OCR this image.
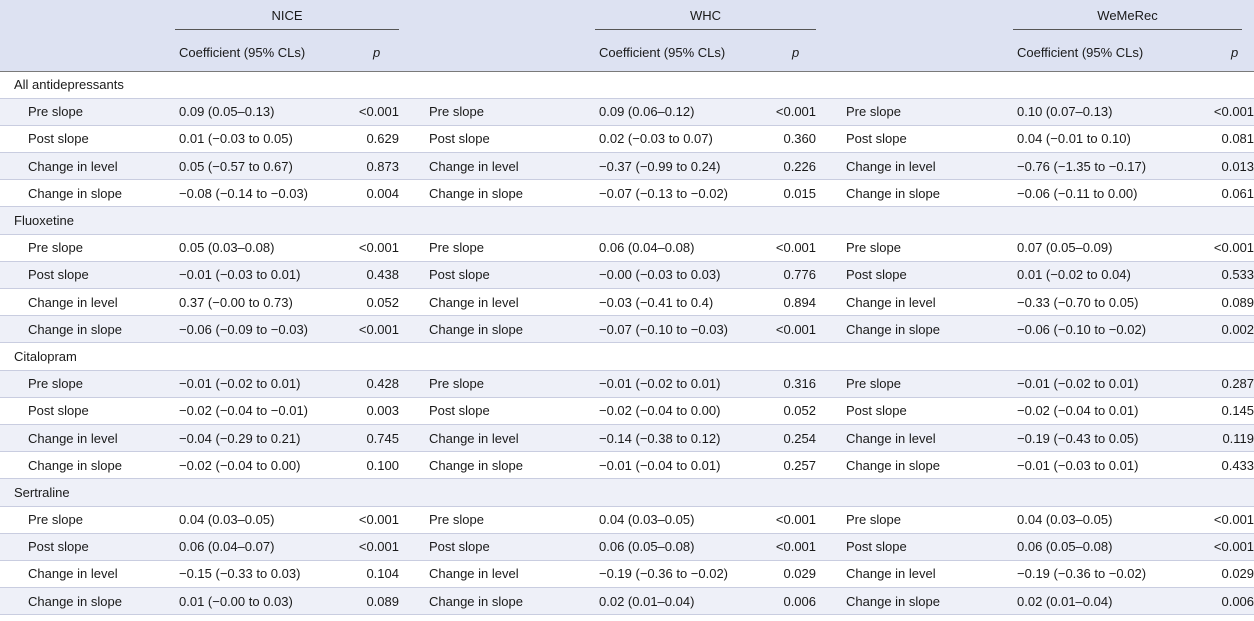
	NICE			WHC			WeMeRec	

	Coefficient (95% CLs)	p		Coefficient (95% CLs)	p		Coefficient (95% CLs)	p
All antidepressants								
Pre slope	0.09 (0.05–0.13)	<0.001	Pre slope	0.09 (0.06–0.12)	<0.001	Pre slope	0.10 (0.07–0.13)	<0.001
Post slope	0.01 (−0.03 to 0.05)	0.629	Post slope	0.02 (−0.03 to 0.07)	0.360	Post slope	0.04 (−0.01 to 0.10)	0.081
Change in level	0.05 (−0.57 to 0.67)	0.873	Change in level	−0.37 (−0.99 to 0.24)	0.226	Change in level	−0.76 (−1.35 to −0.17)	0.013
Change in slope	−0.08 (−0.14 to −0.03)	0.004	Change in slope	−0.07 (−0.13 to −0.02)	0.015	Change in slope	−0.06 (−0.11 to 0.00)	0.061
Fluoxetine								
Pre slope	0.05 (0.03–0.08)	<0.001	Pre slope	0.06 (0.04–0.08)	<0.001	Pre slope	0.07 (0.05–0.09)	<0.001
Post slope	−0.01 (−0.03 to 0.01)	0.438	Post slope	−0.00 (−0.03 to 0.03)	0.776	Post slope	0.01 (−0.02 to 0.04)	0.533
Change in level	0.37 (−0.00 to 0.73)	0.052	Change in level	−0.03 (−0.41 to 0.4)	0.894	Change in level	−0.33 (−0.70 to 0.05)	0.089
Change in slope	−0.06 (−0.09 to −0.03)	<0.001	Change in slope	−0.07 (−0.10 to −0.03)	<0.001	Change in slope	−0.06 (−0.10 to −0.02)	0.002
Citalopram								
Pre slope	−0.01 (−0.02 to 0.01)	0.428	Pre slope	−0.01 (−0.02 to 0.01)	0.316	Pre slope	−0.01 (−0.02 to 0.01)	0.287
Post slope	−0.02 (−0.04 to −0.01)	0.003	Post slope	−0.02 (−0.04 to 0.00)	0.052	Post slope	−0.02 (−0.04 to 0.01)	0.145
Change in level	−0.04 (−0.29 to 0.21)	0.745	Change in level	−0.14 (−0.38 to 0.12)	0.254	Change in level	−0.19 (−0.43 to 0.05)	0.119
Change in slope	−0.02 (−0.04 to 0.00)	0.100	Change in slope	−0.01 (−0.04 to 0.01)	0.257	Change in slope	−0.01 (−0.03 to 0.01)	0.433
Sertraline								
Pre slope	0.04 (0.03–0.05)	<0.001	Pre slope	0.04 (0.03–0.05)	<0.001	Pre slope	0.04 (0.03–0.05)	<0.001
Post slope	0.06 (0.04–0.07)	<0.001	Post slope	0.06 (0.05–0.08)	<0.001	Post slope	0.06 (0.05–0.08)	<0.001
Change in level	−0.15 (−0.33 to 0.03)	0.104	Change in level	−0.19 (−0.36 to −0.02)	0.029	Change in level	−0.19 (−0.36 to −0.02)	0.029
Change in slope	0.01 (−0.00 to 0.03)	0.089	Change in slope	0.02 (0.01–0.04)	0.006	Change in slope	0.02 (0.01–0.04)	0.006
